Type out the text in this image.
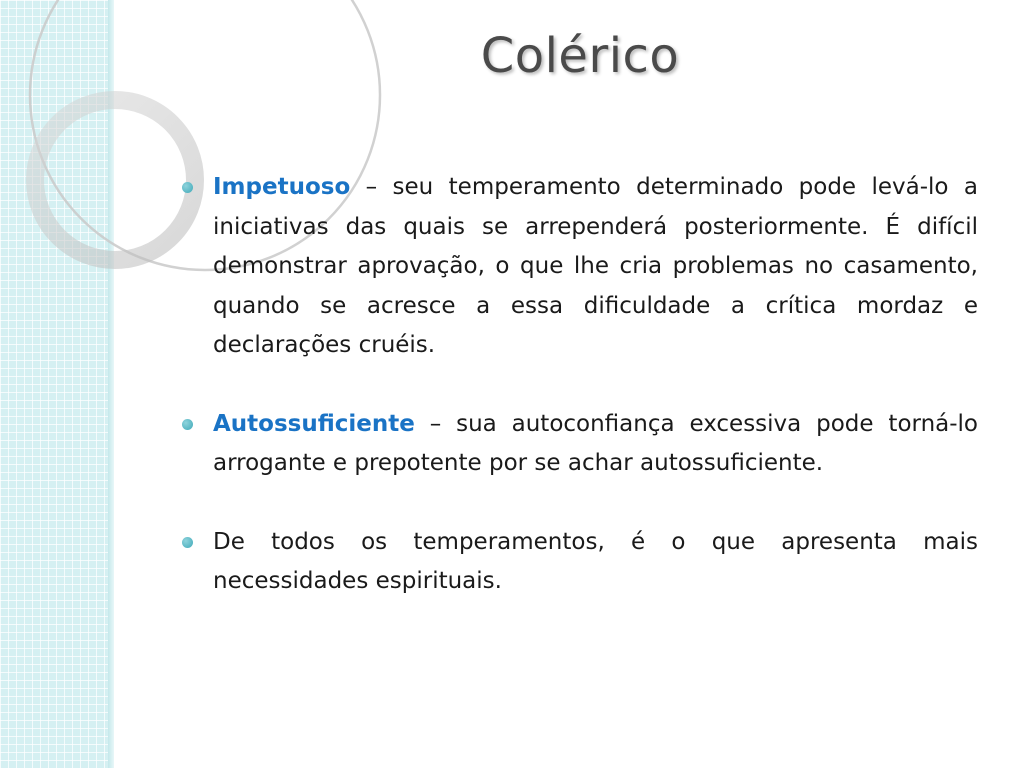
Colérico

Impetuoso – seu temperamento determinado pode levá-lo a iniciativas das quais se arrependerá posteriormente. É difícil demonstrar aprovação, o que lhe cria problemas no casamento, quando se acresce a essa dificuldade a crítica mordaz e declarações cruéis.

Autossuficiente – sua autoconfiança excessiva pode torná-lo arrogante e prepotente por se achar autossuficiente.

De todos os temperamentos, é o que apresenta mais necessidades espirituais.
